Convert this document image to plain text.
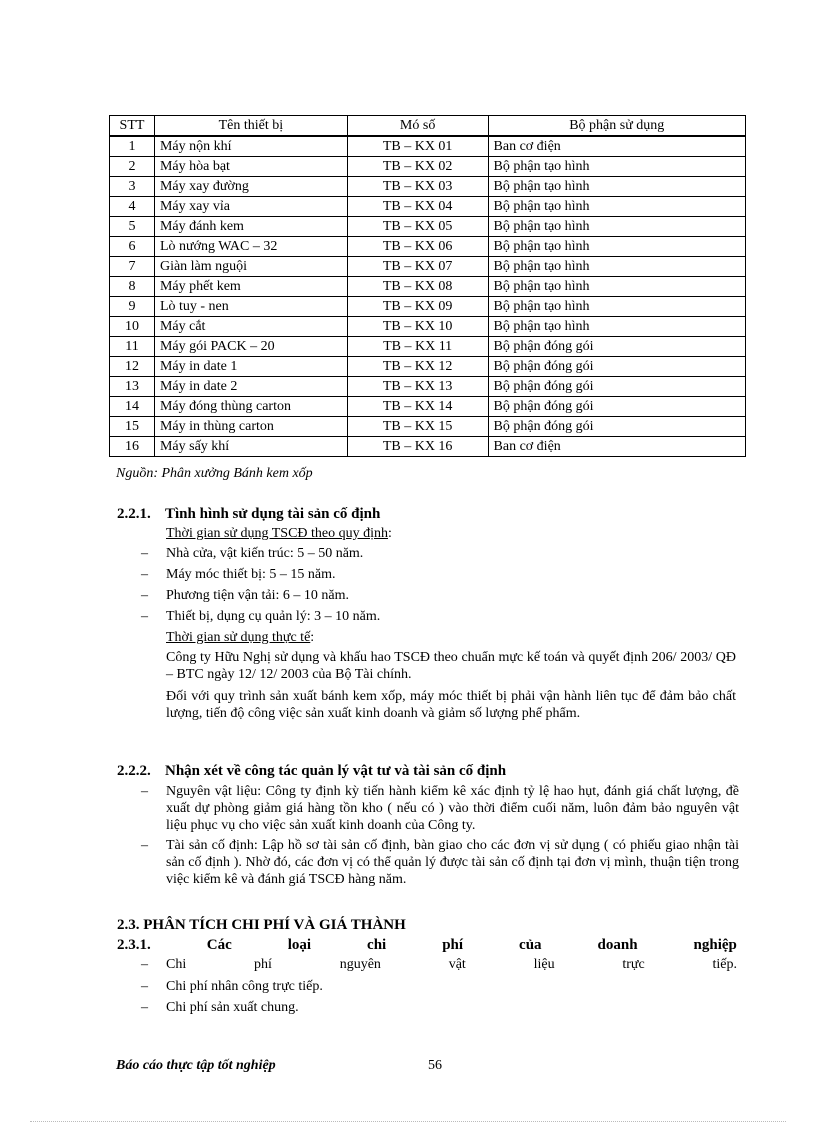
STT	Tên thiết bị	Mó số	Bộ phận sử dụng
1	Máy nộn khí	TB – KX 01	Ban cơ điện
2	Máy hòa bạt	TB – KX 02	Bộ phận tạo hình
3	Máy xay đường	TB – KX 03	Bộ phận tạo hình
4	Máy xay vỉa	TB – KX 04	Bộ phận tạo hình
5	Máy đánh kem	TB – KX 05	Bộ phận tạo hình
6	Lò nướng WAC – 32	TB – KX 06	Bộ phận tạo hình
7	Giàn làm nguội	TB – KX 07	Bộ phận tạo hình
8	Máy phết kem	TB – KX 08	Bộ phận tạo hình
9	Lò tuy - nen	TB – KX 09	Bộ phận tạo hình
10	Máy cắt	TB – KX 10	Bộ phận tạo hình
11	Máy gói PACK – 20	TB – KX 11	Bộ phận đóng gói
12	Máy in date 1	TB – KX 12	Bộ phận đóng gói
13	Máy in date 2	TB – KX 13	Bộ phận đóng gói
14	Máy đóng thùng carton	TB – KX 14	Bộ phận đóng gói
15	Máy in thùng carton	TB – KX 15	Bộ phận đóng gói
16	Máy sấy khí	TB – KX 16	Ban cơ điện
Nguồn: Phân xưởng Bánh kem xốp
2.2.1. Tình hình sử dụng tài sản cố định
Thời gian sử dụng TSCĐ theo quy định:
–	Nhà cửa, vật kiến trúc: 5 – 50 năm.
–	Máy móc thiết bị: 5 – 15 năm.
–	Phương tiện vận tải: 6 – 10 năm.
–	Thiết bị, dụng cụ quản lý: 3 – 10 năm.
Thời gian sử dụng thực tế:
Công ty Hữu Nghị sử dụng và khấu hao TSCĐ theo chuẩn mực kế toán và quyết định 206/ 2003/ QĐ – BTC ngày 12/ 12/ 2003 của Bộ Tài chính.
Đối với quy trình sản xuất bánh kem xốp, máy móc thiết bị phải vận hành liên tục để đảm bảo chất lượng, tiến độ công việc sản xuất kinh doanh và giảm số lượng phế phẩm.
2.2.2. Nhận xét về công tác quản lý vật tư và tài sản cố định
–	Nguyên vật liệu: Công ty định kỳ tiến hành kiểm kê xác định tỷ lệ hao hụt, đánh giá chất lượng, đề xuất dự phòng giảm giá hàng tồn kho ( nếu có ) vào thời điểm cuối năm, luôn đảm bảo nguyên vật liệu phục vụ cho việc sản xuất kinh doanh của Công ty.
–	Tài sản cố định: Lập hồ sơ tài sản cố định, bàn giao cho các đơn vị sử dụng ( có phiếu giao nhận tài sản cố định ). Nhờ đó, các đơn vị có thể quản lý được tài sản cố định tại đơn vị mình, thuận tiện trong việc kiểm kê và đánh giá TSCĐ hàng năm.
2.3. PHÂN TÍCH CHI PHÍ VÀ GIÁ THÀNH
2.3.1.	Các	loại	chi	phí	của	doanh	nghiệp
–	Chi	phí	nguyên	vật	liệu	trực	tiếp.
–	Chi phí nhân công trực tiếp.
–	Chi phí sản xuất chung.
Báo cáo thực tập tốt nghiệp	56
